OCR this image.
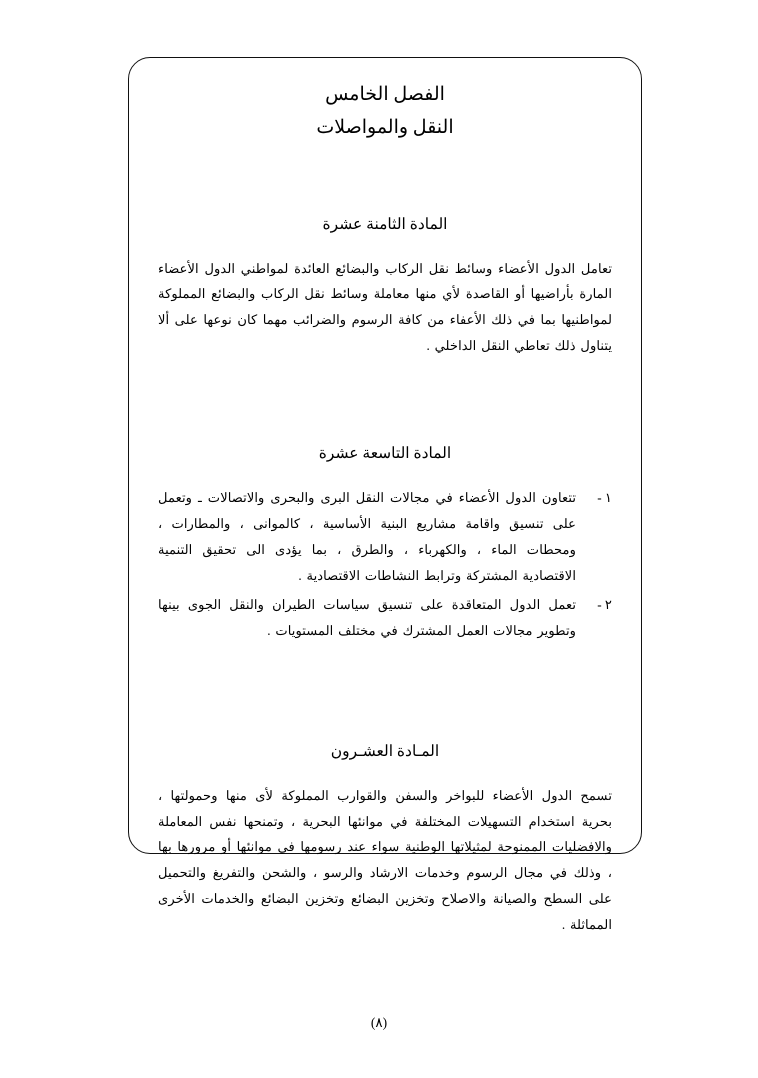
الفصل الخامس
النقل والمواصلات
المادة الثامنة عشرة

تعامل الدول الأعضاء وسائط نقل الركاب والبضائع العائدة لمواطني الدول الأعضاء المارة بأراضيها أو القاصدة لأي منها معاملة وسائط نقل الركاب والبضائع المملوكة لمواطنيها بما في ذلك الأعفاء من كافة الرسوم والضرائب مهما كان نوعها على ألا يتناول ذلك تعاطي النقل الداخلي .

المادة التاسعة عشرة
١ -
تتعاون الدول الأعضاء في مجالات النقل البرى والبحرى والاتصالات ـ وتعمل على تنسيق واقامة مشاريع البنية الأساسية ، كالموانى ، والمطارات ، ومحطات الماء ، والكهرباء ، والطرق ، بما يؤدى الى تحقيق التنمية الاقتصادية المشتركة وترابط النشاطات الاقتصادية .
٢ -
تعمل الدول المتعاقدة على تنسيق سياسات الطيران والنقل الجوى بينها وتطوير مجالات العمل المشترك في مختلف المستويات .
المـادة العشـرون

تسمح الدول الأعضاء للبواخر والسفن والقوارب المملوكة لأى منها وحمولتها ، بحرية استخدام التسهيلات المختلفة في موانئها البحرية ، وتمنحها نفس المعاملة والافضليات الممنوحة لمثيلاتها الوطنية سواء عند رسومها في موانئها أو مرورها بها ، وذلك في مجال الرسوم وخدمات الارشاد والرسو ، والشحن والتفريغ والتحميل على السطح والصيانة والاصلاح وتخزين البضائع وتخزين البضائع والخدمات الأخرى المماثلة .

(٨)
